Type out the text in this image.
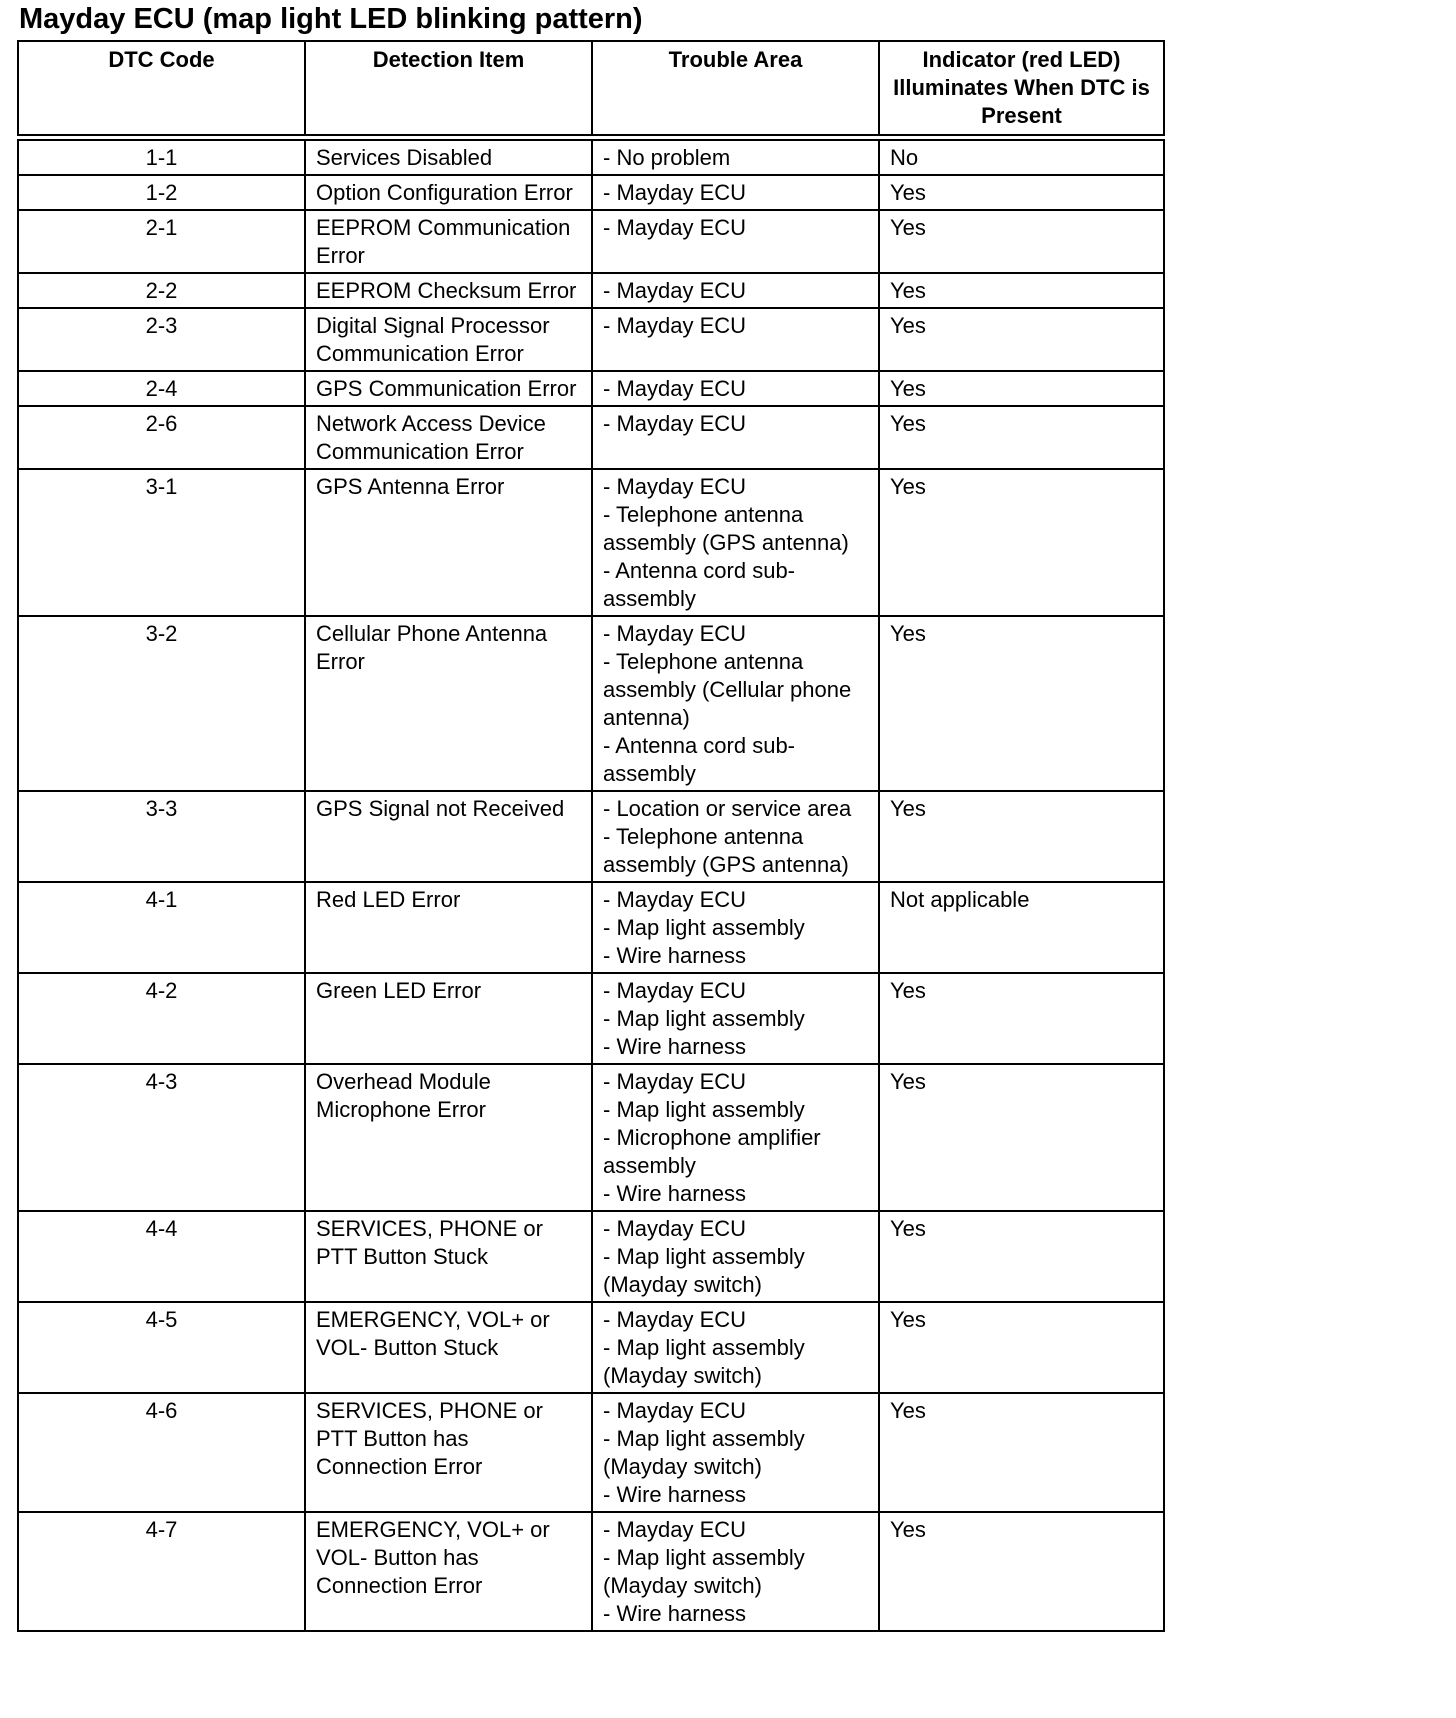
Mayday ECU (map light LED blinking pattern)
DTC Code	Detection Item	Trouble Area	Indicator (red LED) Illuminates When DTC is Present
1-1	Services Disabled	- No problem	No
1-2	Option Configuration Error	- Mayday ECU	Yes
2-1	EEPROM Communication Error	- Mayday ECU	Yes
2-2	EEPROM Checksum Error	- Mayday ECU	Yes
2-3	Digital Signal Processor Communication Error	- Mayday ECU	Yes
2-4	GPS Communication Error	- Mayday ECU	Yes
2-6	Network Access Device Communication Error	- Mayday ECU	Yes
3-1	GPS Antenna Error	- Mayday ECU
- Telephone antenna assembly (GPS antenna)
- Antenna cord sub-assembly	Yes
3-2	Cellular Phone Antenna Error	- Mayday ECU
- Telephone antenna assembly (Cellular phone antenna)
- Antenna cord sub-assembly	Yes
3-3	GPS Signal not Received	- Location or service area
- Telephone antenna assembly (GPS antenna)	Yes
4-1	Red LED Error	- Mayday ECU
- Map light assembly
- Wire harness	Not applicable
4-2	Green LED Error	- Mayday ECU
- Map light assembly
- Wire harness	Yes
4-3	Overhead Module Microphone Error	- Mayday ECU
- Map light assembly
- Microphone amplifier assembly
- Wire harness	Yes
4-4	SERVICES, PHONE or PTT Button Stuck	- Mayday ECU
- Map light assembly (Mayday switch)	Yes
4-5	EMERGENCY, VOL+ or VOL- Button Stuck	- Mayday ECU
- Map light assembly (Mayday switch)	Yes
4-6	SERVICES, PHONE or PTT Button has Connection Error	- Mayday ECU
- Map light assembly (Mayday switch)
- Wire harness	Yes
4-7	EMERGENCY, VOL+ or VOL- Button has Connection Error	- Mayday ECU
- Map light assembly (Mayday switch)
- Wire harness	Yes
